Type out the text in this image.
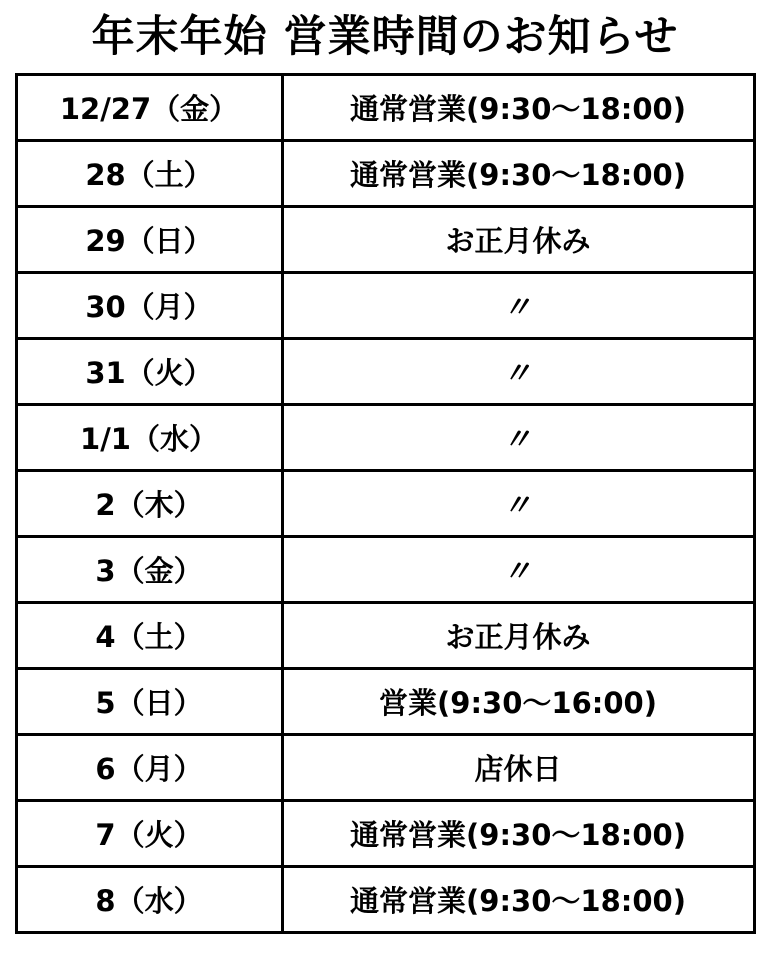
年末年始 営業時間のお知らせ
12/27（金）	通常営業(9:30〜18:00)
28（土）	通常営業(9:30〜18:00)
29（日）	お正月休み
30（月）	〃
31（火）	〃
1/1（水）	〃
2（木）	〃
3（金）	〃
4（土）	お正月休み
5（日）	営業(9:30〜16:00)
6（月）	店休日
7（火）	通常営業(9:30〜18:00)
8（水）	通常営業(9:30〜18:00)
